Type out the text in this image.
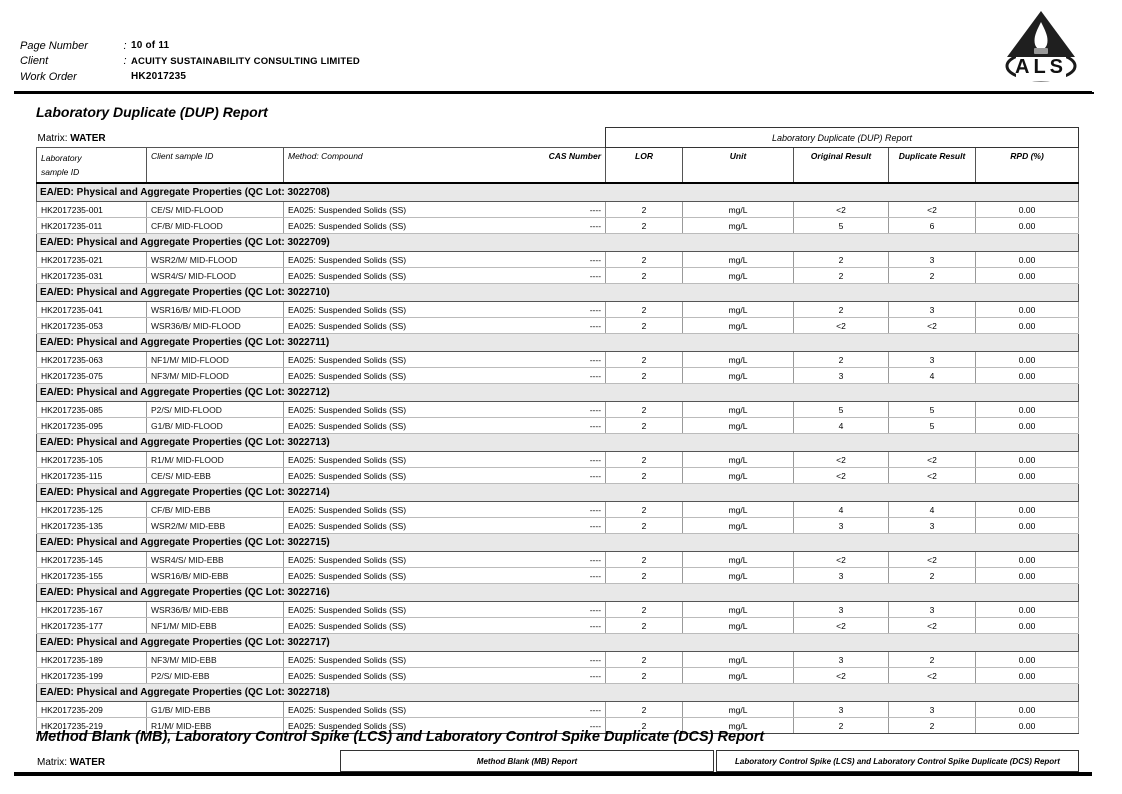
Page Number	: 10 of 11
Client	: ACUITY SUSTAINABILITY CONSULTING LIMITED
Work Order	HK2017235	ALS
Laboratory Duplicate (DUP) Report
Matrix: WATER				Laboratory Duplicate (DUP) Report				
Laboratory
sample ID	Client sample ID	Method: Compound	CAS Number	LOR	Unit	Original Result	Duplicate Result	RPD (%)
EA/ED: Physical and Aggregate Properties (QC Lot: 3022708)								
HK2017235-001	CE/S/ MID-FLOOD	EA025: Suspended Solids (SS)	----	2	mg/L	<2	<2	0.00
HK2017235-011	CF/B/ MID-FLOOD	EA025: Suspended Solids (SS)	----	2	mg/L	5	6	0.00
EA/ED: Physical and Aggregate Properties (QC Lot: 3022709)								
HK2017235-021	WSR2/M/ MID-FLOOD	EA025: Suspended Solids (SS)	----	2	mg/L	2	3	0.00
HK2017235-031	WSR4/S/ MID-FLOOD	EA025: Suspended Solids (SS)	----	2	mg/L	2	2	0.00
EA/ED: Physical and Aggregate Properties (QC Lot: 3022710)								
HK2017235-041	WSR16/B/ MID-FLOOD	EA025: Suspended Solids (SS)	----	2	mg/L	2	3	0.00
HK2017235-053	WSR36/B/ MID-FLOOD	EA025: Suspended Solids (SS)	----	2	mg/L	<2	<2	0.00
EA/ED: Physical and Aggregate Properties (QC Lot: 3022711)								
HK2017235-063	NF1/M/ MID-FLOOD	EA025: Suspended Solids (SS)	----	2	mg/L	2	3	0.00
HK2017235-075	NF3/M/ MID-FLOOD	EA025: Suspended Solids (SS)	----	2	mg/L	3	4	0.00
EA/ED: Physical and Aggregate Properties (QC Lot: 3022712)								
HK2017235-085	P2/S/ MID-FLOOD	EA025: Suspended Solids (SS)	----	2	mg/L	5	5	0.00
HK2017235-095	G1/B/ MID-FLOOD	EA025: Suspended Solids (SS)	----	2	mg/L	4	5	0.00
EA/ED: Physical and Aggregate Properties (QC Lot: 3022713)								
HK2017235-105	R1/M/ MID-FLOOD	EA025: Suspended Solids (SS)	----	2	mg/L	<2	<2	0.00
HK2017235-115	CE/S/ MID-EBB	EA025: Suspended Solids (SS)	----	2	mg/L	<2	<2	0.00
EA/ED: Physical and Aggregate Properties (QC Lot: 3022714)								
HK2017235-125	CF/B/ MID-EBB	EA025: Suspended Solids (SS)	----	2	mg/L	4	4	0.00
HK2017235-135	WSR2/M/ MID-EBB	EA025: Suspended Solids (SS)	----	2	mg/L	3	3	0.00
EA/ED: Physical and Aggregate Properties (QC Lot: 3022715)								
HK2017235-145	WSR4/S/ MID-EBB	EA025: Suspended Solids (SS)	----	2	mg/L	<2	<2	0.00
HK2017235-155	WSR16/B/ MID-EBB	EA025: Suspended Solids (SS)	----	2	mg/L	3	2	0.00
EA/ED: Physical and Aggregate Properties (QC Lot: 3022716)								
HK2017235-167	WSR36/B/ MID-EBB	EA025: Suspended Solids (SS)	----	2	mg/L	3	3	0.00
HK2017235-177	NF1/M/ MID-EBB	EA025: Suspended Solids (SS)	----	2	mg/L	<2	<2	0.00
EA/ED: Physical and Aggregate Properties (QC Lot: 3022717)								
HK2017235-189	NF3/M/ MID-EBB	EA025: Suspended Solids (SS)	----	2	mg/L	3	2	0.00
HK2017235-199	P2/S/ MID-EBB	EA025: Suspended Solids (SS)	----	2	mg/L	<2	<2	0.00
EA/ED: Physical and Aggregate Properties (QC Lot: 3022718)								
HK2017235-209	G1/B/ MID-EBB	EA025: Suspended Solids (SS)	----	2	mg/L	3	3	0.00
HK2017235-219	R1/M/ MID-EBB	EA025: Suspended Solids (SS)	----	2	mg/L	2	2	0.00
Method Blank (MB), Laboratory Control Spike (LCS) and Laboratory Control Spike Duplicate (DCS) Report
Matrix: WATER	Method Blank (MB) Report	Laboratory Control Spike (LCS) and Laboratory Control Spike Duplicate (DCS) Report
